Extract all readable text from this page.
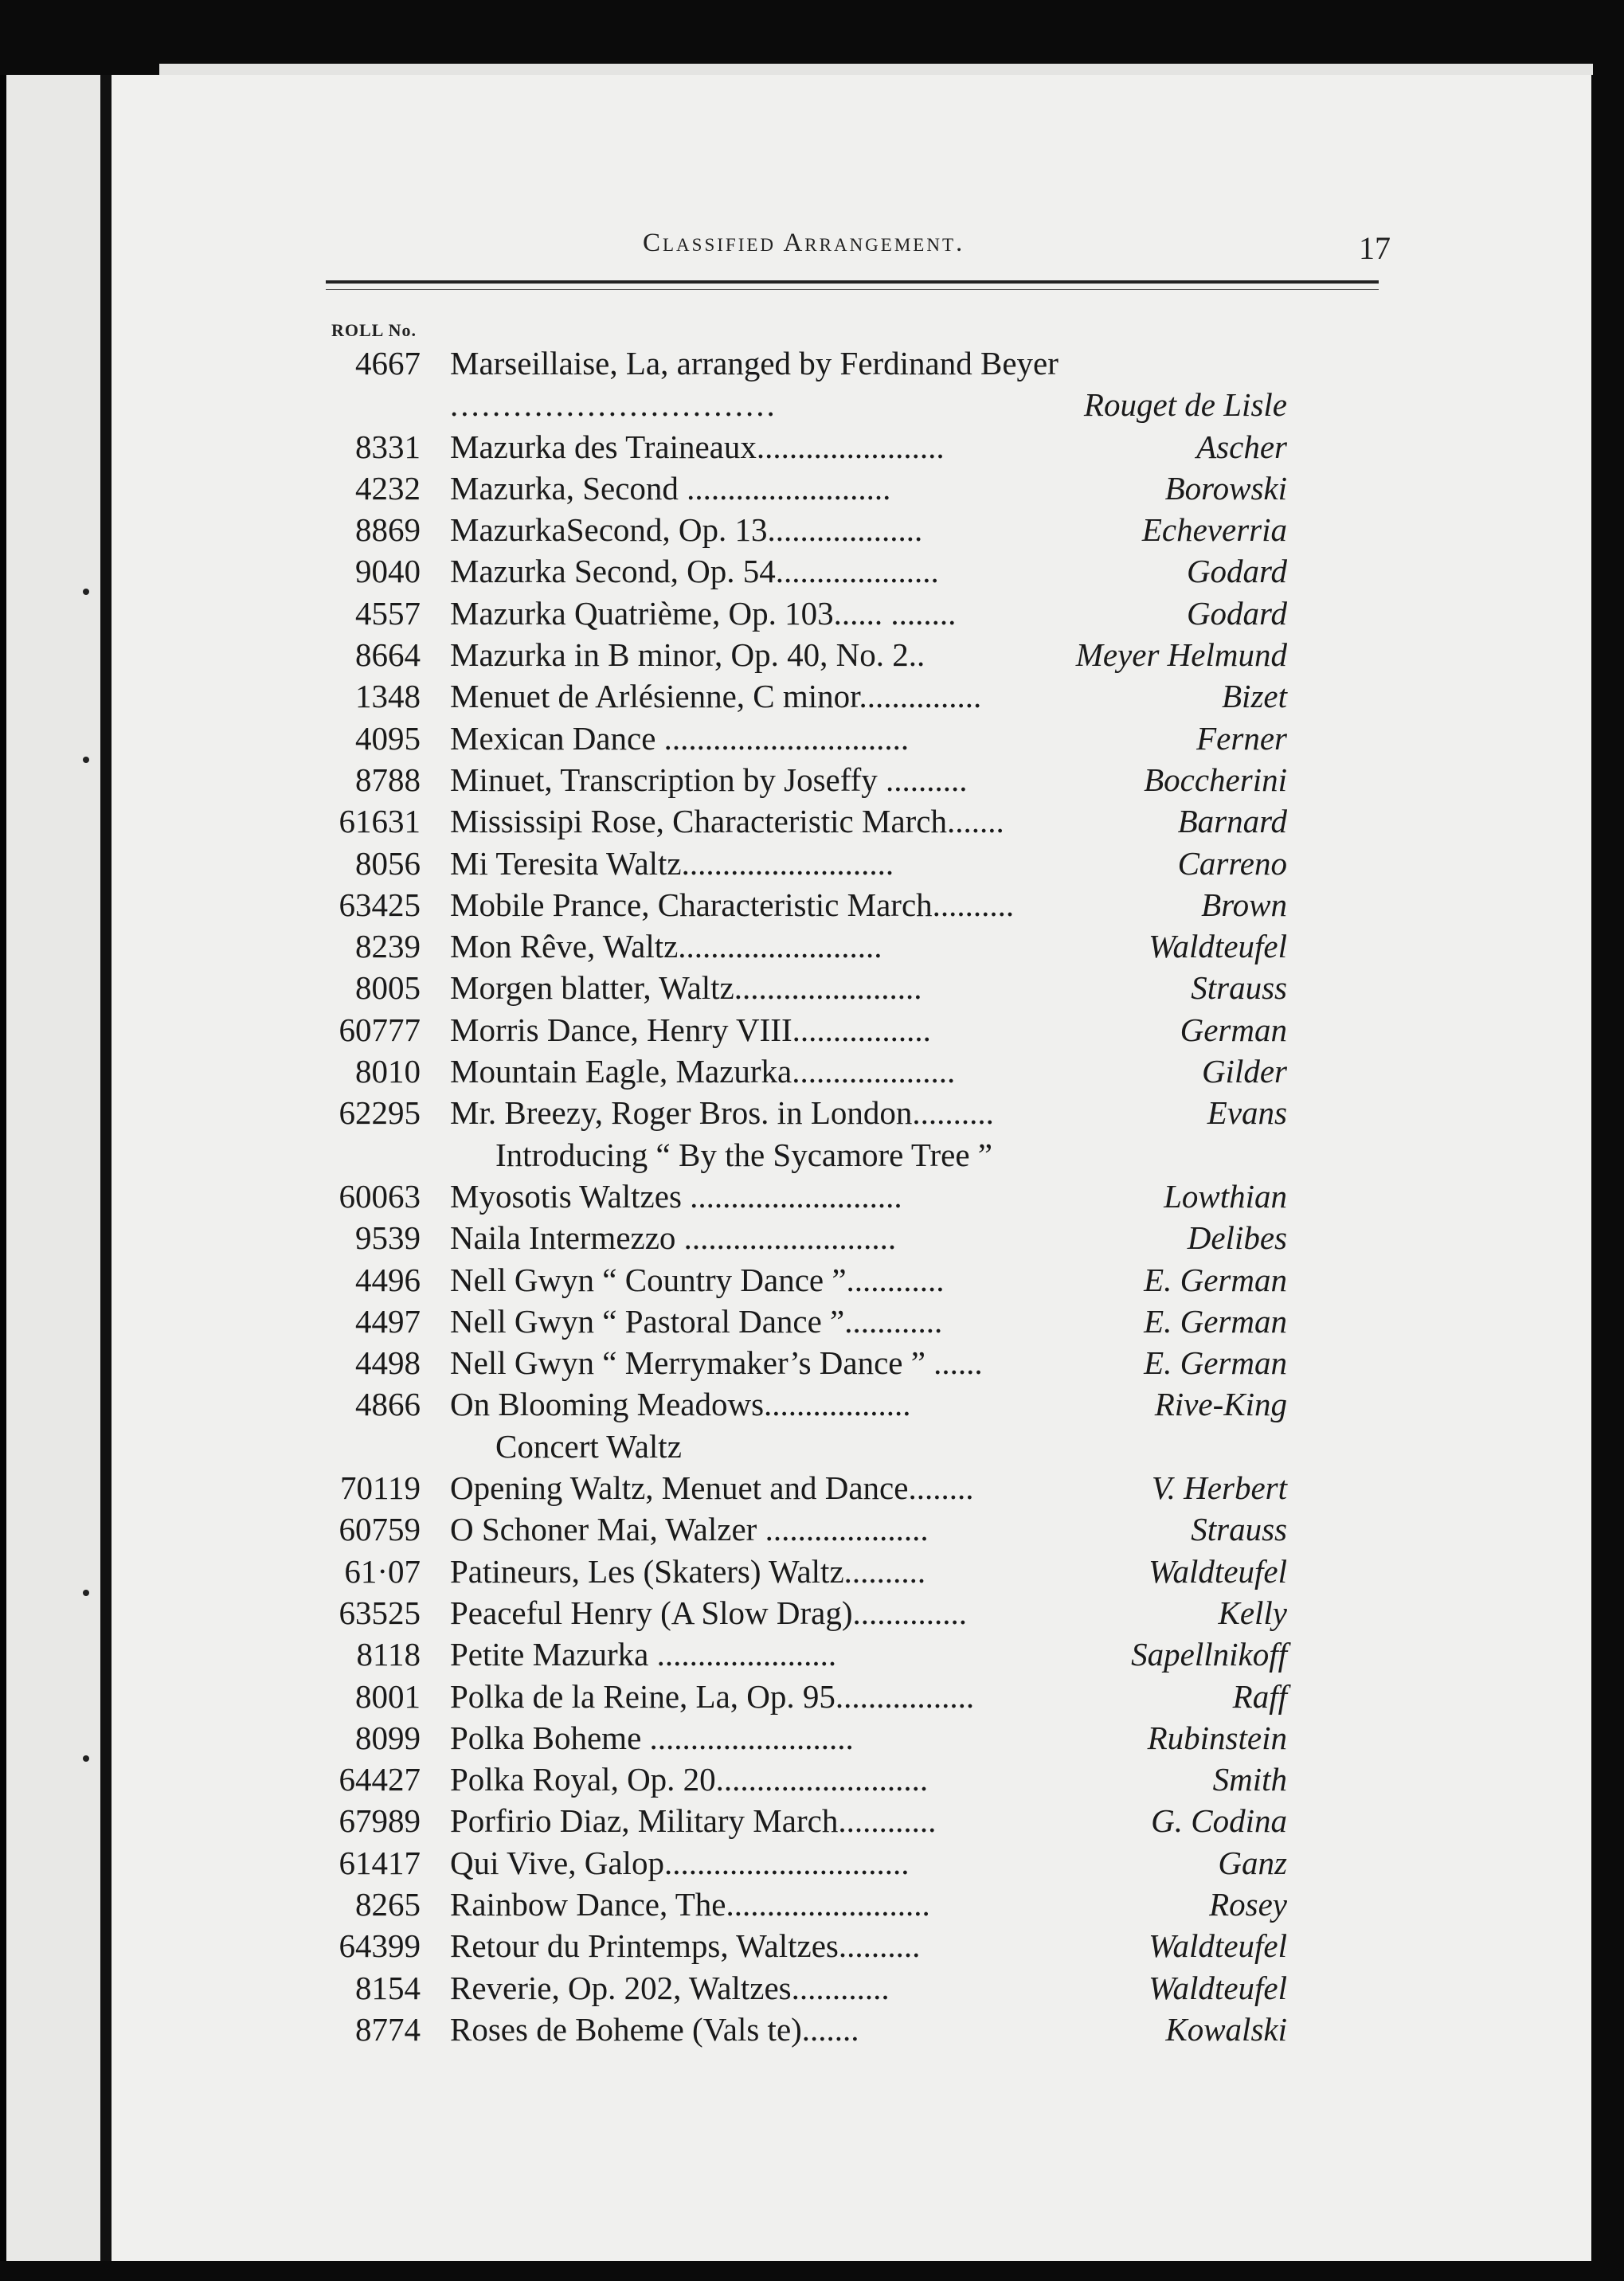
Classified Arrangement.	17
ROLL No.
4667 Marseillaise, La, arranged by Ferdinand Beyer
...............................	Rouget de Lisle
8331 Mazurka des Traineaux.......................	Ascher
4232 Mazurka, Second .........................	Borowski
8869 MazurkaSecond, Op. 13...................	Echeverria
9040 Mazurka Second, Op. 54....................	Godard
4557 Mazurka Quatrième, Op. 103...... ........	Godard
8664 Mazurka in B minor, Op. 40, No. 2..	Meyer Helmund
1348 Menuet de Arlésienne, C minor...............	Bizet
4095 Mexican Dance ..............................	Ferner
8788 Minuet, Transcription by Joseffy ..........	Boccherini
61631 Mississipi Rose, Characteristic March.......	Barnard
8056 Mi Teresita Waltz..........................	Carreno
63425 Mobile Prance, Characteristic March..........	Brown
8239 Mon Rêve, Waltz.........................	Waldteufel
8005 Morgen blatter, Waltz.......................	Strauss
60777 Morris Dance, Henry VIII.................	German
8010 Mountain Eagle, Mazurka....................	Gilder
62295 Mr. Breezy, Roger Bros. in London..........	Evans
Introducing “ By the Sycamore Tree ”
60063 Myosotis Waltzes ..........................	Lowthian
9539 Naila Intermezzo ..........................	Delibes
4496 Nell Gwyn “ Country Dance ”............	E. German
4497 Nell Gwyn “ Pastoral Dance ”............	E. German
4498 Nell Gwyn “ Merrymaker’s Dance ” ......	E. German
4866 On Blooming Meadows..................	Rive-King
Concert Waltz
70119 Opening Waltz, Menuet and Dance........	V. Herbert
60759 O Schoner Mai, Walzer ....................	Strauss
61·07 Patineurs, Les (Skaters) Waltz..........	Waldteufel
63525 Peaceful Henry (A Slow Drag)..............	Kelly
8118 Petite Mazurka ......................	Sapellnikoff
8001 Polka de la Reine, La, Op. 95.................	Raff
8099 Polka Boheme .........................	Rubinstein
64427 Polka Royal, Op. 20..........................	Smith
67989 Porfirio Diaz, Military March............	G. Codina
61417 Qui Vive, Galop..............................	Ganz
8265 Rainbow Dance, The.........................	Rosey
64399 Retour du Printemps, Waltzes..........	Waldteufel
8154 Reverie, Op. 202, Waltzes............	Waldteufel
8774 Roses de Boheme (Vals te).......	Kowalski
